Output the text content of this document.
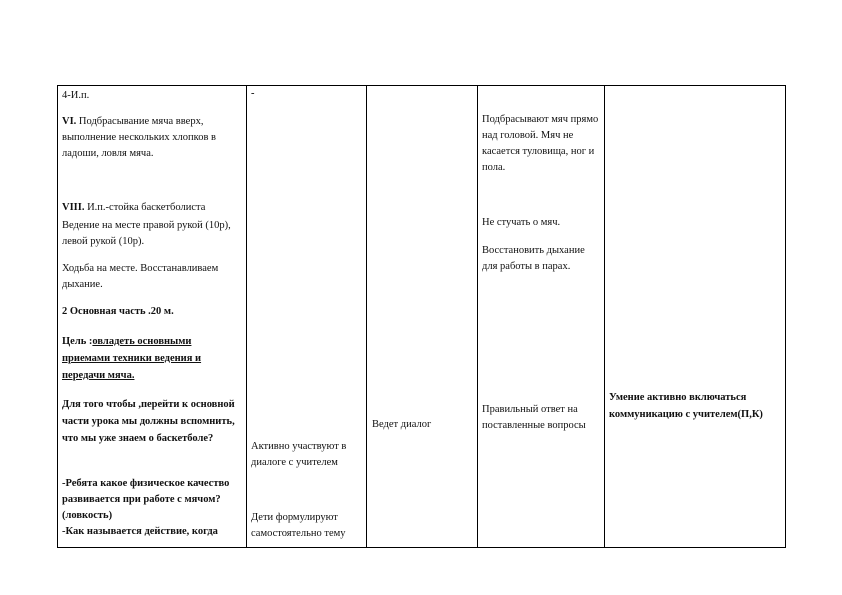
4-И.п.
VI. Подбрасывание мяча вверх, выполнение нескольких хлопков в ладоши, ловля мяча.
VIII. И.п.-стойка баскетболиста
Ведение на месте правой рукой (10р), левой рукой (10р).
Ходьба на месте. Восстанавливаем дыхание.
2 Основная часть .20 м.
Цель :овладеть основными приемами техники ведения и передачи мяча.
Для того чтобы ,перейти к основной части урока мы должны вспомнить, что мы уже знаем о баскетболе?
-Ребята какое физическое качество развивается при работе с мячом?(ловкость)
-Как называется действие, когда
-
Активно участвуют в диалоге с учителем
Дети формулируют самостоятельно тему
Ведет диалог
Подбрасывают мяч прямо над головой. Мяч не касается туловища, ног и пола.
Не стучать о мяч.
Восстановить дыхание для работы в парах.
Правильный ответ на поставленные вопросы
Умение активно включаться коммуникацию с учителем(П,К)
